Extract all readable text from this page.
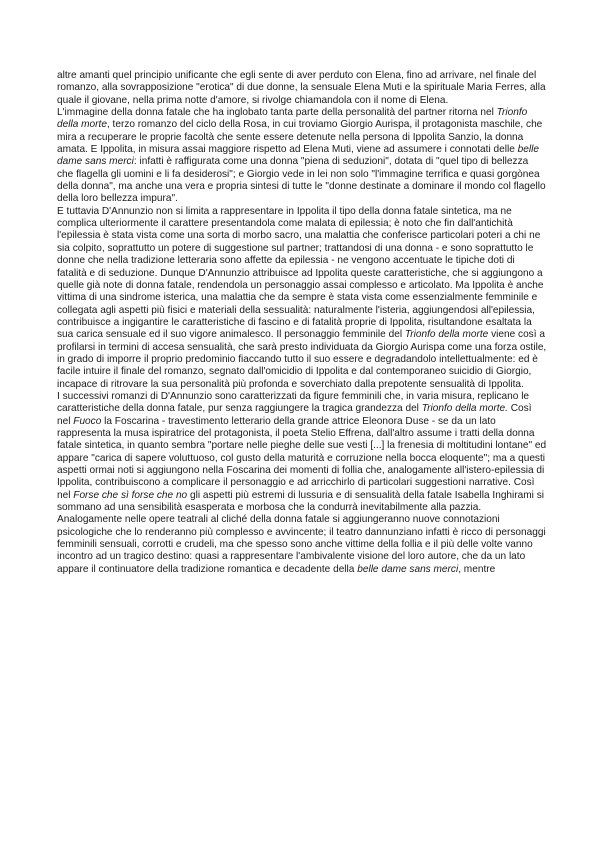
altre amanti quel principio unificante che egli sente di aver perduto con Elena, fino ad arrivare, nel finale del romanzo, alla sovrapposizione "erotica" di due donne, la sensuale Elena Muti e la spirituale Maria Ferres, alla quale il giovane, nella prima notte d'amore, si rivolge chiamandola con il nome di Elena.

L'immagine della donna fatale che ha inglobato tanta parte della personalità del partner ritorna nel Trionfo della morte, terzo romanzo del ciclo della Rosa, in cui troviamo Giorgio Aurispa, il protagonista maschile, che mira a recuperare le proprie facoltà che sente essere detenute nella persona di Ippolita Sanzio, la donna amata. E Ippolita, in misura assai maggiore rispetto ad Elena Muti, viene ad assumere i connotati delle belle dame sans merci: infatti è raffigurata come una donna "piena di seduzioni", dotata di "quel tipo di bellezza che flagella gli uomini e li fa desiderosi"; e Giorgio vede in lei non solo "l'immagine terrifica e quasi gorgònea della donna", ma anche una vera e propria sintesi di tutte le "donne destinate a dominare il mondo col flagello della loro bellezza impura".

E tuttavia D'Annunzio non si limita a rappresentare in Ippolita il tipo della donna fatale sintetica, ma ne complica ulteriormente il carattere presentandola come malata di epilessia; è noto che fin dall'antichità l'epilessia è stata vista come una sorta di morbo sacro, una malattia che conferisce particolari poteri a chi ne sia colpito, soprattutto un potere di suggestione sul partner; trattandosi di una donna - e sono soprattutto le donne che nella tradizione letteraria sono affette da epilessia - ne vengono accentuate le tipiche doti di fatalità e di seduzione. Dunque D'Annunzio attribuisce ad Ippolita queste caratteristiche, che si aggiungono a quelle già note di donna fatale, rendendola un personaggio assai complesso e articolato. Ma Ippolita è anche vittima di una sindrome isterica, una malattia che da sempre è stata vista come essenzialmente femminile e collegata agli aspetti più fisici e materiali della sessualità: naturalmente l'isteria, aggiungendosi all'epilessia, contribuisce a ingigantire le caratteristiche di fascino e di fatalità proprie di Ippolita, risultandone esaltata la sua carica sensuale ed il suo vigore animalesco. Il personaggio femminile del Trionfo della morte viene così a profilarsi in termini di accesa sensualità, che sarà presto individuata da Giorgio Aurispa come una forza ostile, in grado di imporre il proprio predominio fiaccando tutto il suo essere e degradandolo intellettualmente: ed è facile intuire il finale del romanzo, segnato dall'omicidio di Ippolita e dal contemporaneo suicidio di Giorgio, incapace di ritrovare la sua personalità più profonda e soverchiato dalla prepotente sensualità di Ippolita.

I successivi romanzi di D'Annunzio sono caratterizzati da figure femminili che, in varia misura, replicano le caratteristiche della donna fatale, pur senza raggiungere la tragica grandezza del Trionfo della morte. Così nel Fuoco la Foscarina - travestimento letterario della grande attrice Eleonora Duse - se da un lato rappresenta la musa ispiratrice del protagonista, il poeta Stelio Effrena, dall'altro assume i tratti della donna fatale sintetica, in quanto sembra "portare nelle pieghe delle sue vesti [...] la frenesia di moltitudini lontane" ed appare "carica di sapere voluttuoso, col gusto della maturità e corruzione nella bocca eloquente"; ma a questi aspetti ormai noti si aggiungono nella Foscarina dei momenti di follia che, analogamente all'istero-epilessia di Ippolita, contribuiscono a complicare il personaggio e ad arricchirlo di particolari suggestioni narrative. Così nel Forse che sì forse che no gli aspetti più estremi di lussuria e di sensualità della fatale Isabella Inghirami si sommano ad una sensibilità esasperata e morbosa che la condurrà inevitabilmente alla pazzia. Analogamente nelle opere teatrali al cliché della donna fatale si aggiungeranno nuove connotazioni psicologiche che lo renderanno più complesso e avvincente; il teatro dannunziano infatti è ricco di personaggi femminili sensuali, corrotti e crudeli, ma che spesso sono anche vittime della follia e il più delle volte vanno incontro ad un tragico destino: quasi a rappresentare l'ambivalente visione del loro autore, che da un lato appare il continuatore della tradizione romantica e decadente della belle dame sans merci, mentre
